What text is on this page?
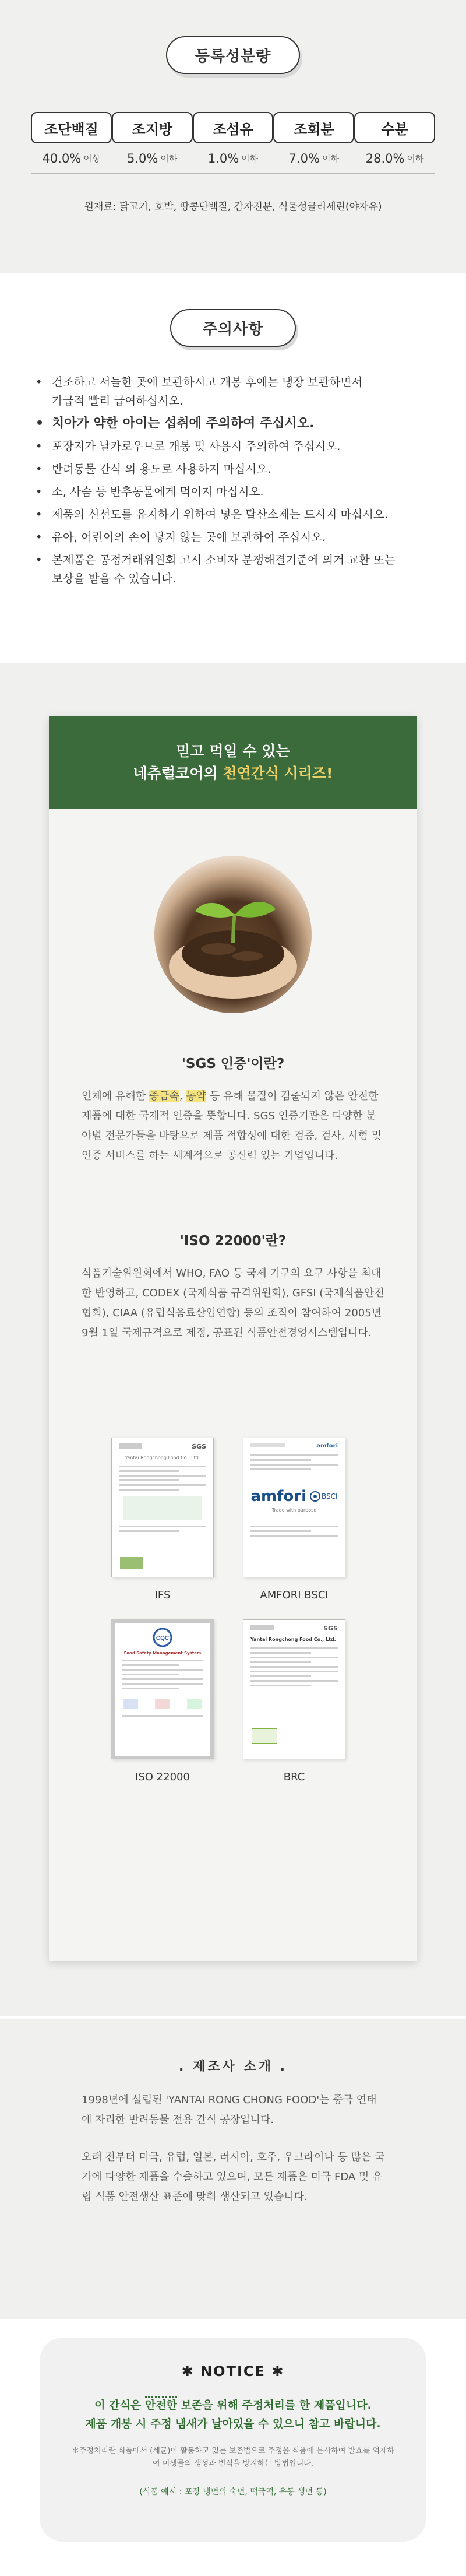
등록성분량
조단백질
40.0% 이상
조지방
5.0% 이하
조섬유
1.0% 이하
조회분
7.0% 이하
수분
28.0% 이하
원재료: 닭고기, 호박, 땅콩단백질, 감자전분, 식물성글리세린(야자유)
주의사항
• 건조하고 서늘한 곳에 보관하시고 개봉 후에는 냉장 보관하면서
가급적 빨리 급여하십시오.
• 치아가 약한 아이는 섭취에 주의하여 주십시오.
• 포장지가 날카로우므로 개봉 및 사용시 주의하여 주십시오.
• 반려동물 간식 외 용도로 사용하지 마십시오.
• 소, 사슴 등 반추동물에게 먹이지 마십시오.
• 제품의 신선도를 유지하기 위하여 넣은 탈산소제는 드시지 마십시오.
• 유아, 어린이의 손이 닿지 않는 곳에 보관하여 주십시오.
• 본제품은 공정거래위원회 고시 소비자 분쟁해결기준에 의거 교환 또는
보상을 받을 수 있습니다.
믿고 먹일 수 있는
네츄럴코어의 천연간식 시리즈!
'SGS 인증'이란?
인체에 유해한 중금속, 농약 등 유해 물질이 검출되지 않은 안전한 제품에 대한 국제적 인증을 뜻합니다. SGS 인증기관은 다양한 분야별 전문가들을 바탕으로 제품 적합성에 대한 검증, 검사, 시험 및 인증 서비스를 하는 세계적으로 공신력 있는 기업입니다.
'ISO 22000'란?
식품기술위원회에서 WHO, FAO 등 국제 기구의 요구 사항을 최대한 반영하고, CODEX (국제식품 규격위원회), GFSI (국제식품안전협회), CIAA (유럽식음료산업연합) 등의 조직이 참여하여 2005년 9월 1일 국제규격으로 제정, 공표된 식품안전경영시스템입니다.
SGS
Yantai Rongchong Food Co., Ltd.
IFS
amfori
amfori BSCI
Trade with purpose
AMFORI BSCI
CQC
Food Safety Management System
ISO 22000
SGS
Yantai Rongchong Food Co., Ltd.
BRC
. 제조사 소개 .
1998년에 설립된 'YANTAI RONG CHONG FOOD'는 중국 연태에 자리한 반려동물 전용 간식 공장입니다.
오래 전부터 미국, 유럽, 일본, 러시아, 호주, 우크라이나 등 많은 국가에 다양한 제품을 수출하고 있으며, 모든 제품은 미국 FDA 및 유럽 식품 안전생산 표준에 맞춰 생산되고 있습니다.
✱ NOTICE ✱
이 간식은 안전한 보존을 위해 주정처리를 한 제품입니다.
제품 개봉 시 주정 냄새가 날아있을 수 있으니 참고 바랍니다.
＊주정처리란 식품에서 (세균)이 활동하고 있는 보존법으로 주정을 식품에 분사하여 발효를 억제하여 미생물의 생성과 번식을 방지하는 방법입니다.
(식품 예시 : 포장 냉면의 숙면, 떡국떡, 우동 생면 등)
